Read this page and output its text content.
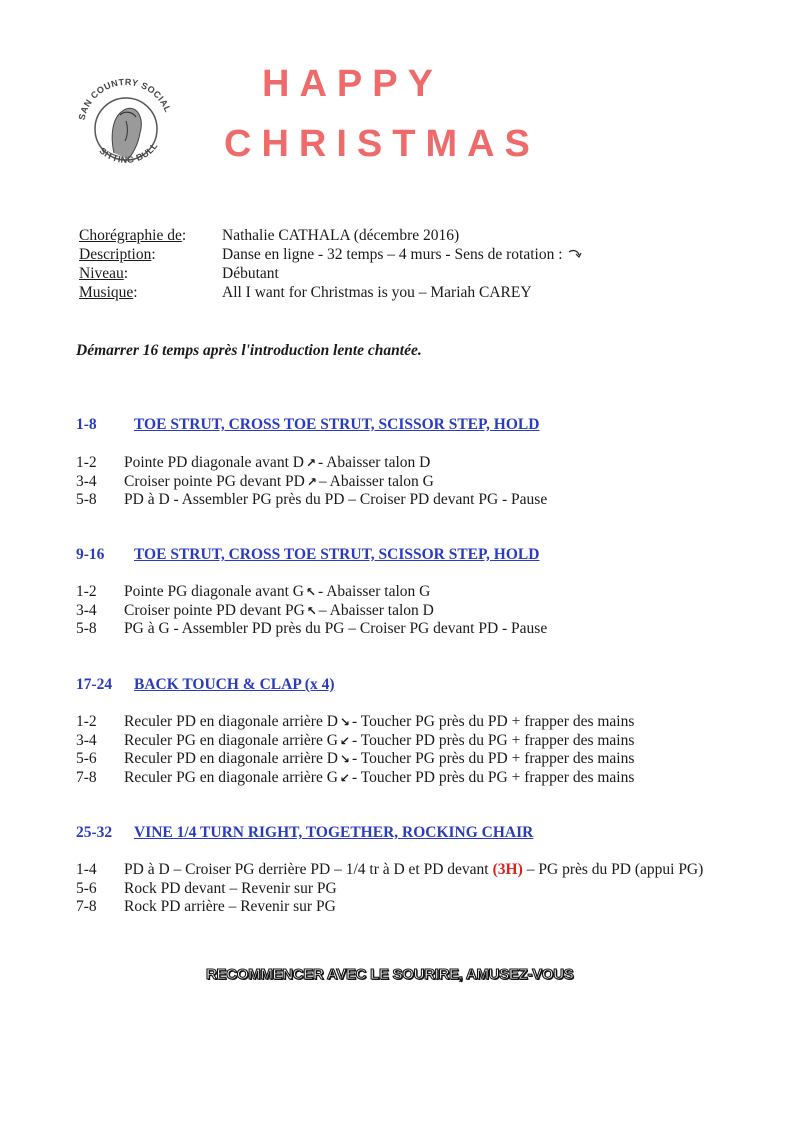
SAN COUNTRY SOCIAL
SITTING BULL
HAPPY
CHRISTMAS
Chorégraphie de : Nathalie CATHALA (décembre 2016)
Description :	Danse en ligne - 32 temps – 4 murs - Sens de rotation :
Niveau :	Débutant
Musique :	All I want for Christmas is you – Mariah CAREY
Démarrer 16 temps après l'introduction lente chantée.
1-8	TOE STRUT, CROSS TOE STRUT, SCISSOR STEP, HOLD
1-2	Pointe PD diagonale avant D ↗ - Abaisser talon D
3-4	Croiser pointe PG devant PD ↗ – Abaisser talon G
5-8	PD à D - Assembler PG près du PD – Croiser PD devant PG - Pause
9-16	TOE STRUT, CROSS TOE STRUT, SCISSOR STEP, HOLD
1-2	Pointe PG diagonale avant G ↖ - Abaisser talon G
3-4	Croiser pointe PD devant PG ↖ – Abaisser talon D
5-8	PG à G - Assembler PD près du PG – Croiser PG devant PD - Pause
17-24	BACK TOUCH & CLAP (x 4)
1-2	Reculer PD en diagonale arrière D ↘ - Toucher PG près du PD + frapper des mains
3-4	Reculer PG en diagonale arrière G ↙ - Toucher PD près du PG + frapper des mains
5-6	Reculer PD en diagonale arrière D ↘ - Toucher PG près du PD + frapper des mains
7-8	Reculer PG en diagonale arrière G ↙ - Toucher PD près du PG + frapper des mains
25-32	VINE 1/4 TURN RIGHT, TOGETHER, ROCKING CHAIR
1-4	PD à D – Croiser PG derrière PD – 1/4 tr à D et PD devant (3H) – PG près du PD (appui PG)
5-6	Rock PD devant – Revenir sur PG
7-8	Rock PD arrière – Revenir sur PG
RECOMMENCER AVEC LE SOURIRE, AMUSEZ-VOUS
